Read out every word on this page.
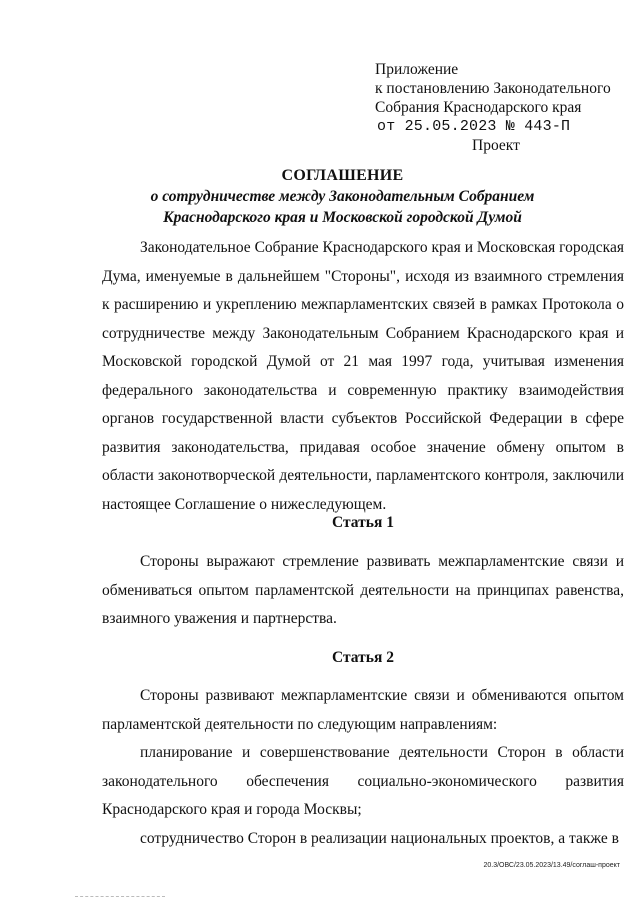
Приложение
к постановлению Законодательного
Собрания Краснодарского края
от 25.05.2023 № 443-П
Проект
СОГЛАШЕНИЕ
о сотрудничестве между Законодательным Собранием
Краснодарского края и Московской городской Думой

Законодательное Собрание Краснодарского края и Московская городская Дума, именуемые в дальнейшем "Стороны", исходя из взаимного стремления к расширению и укреплению межпарламентских связей в рамках Протокола о сотрудничестве между Законодательным Собранием Краснодарского края и Московской городской Думой от 21 мая 1997 года, учитывая изменения федерального законодательства и современную практику взаимодействия органов государственной власти субъектов Российской Федерации в сфере развития законодательства, придавая особое значение обмену опытом в области законотворческой деятельности, парламентского контроля, заключили настоящее Соглашение о нижеследующем.

Статья 1

Стороны выражают стремление развивать межпарламентские связи и обмениваться опытом парламентской деятельности на принципах равенства, взаимного уважения и партнерства.

Статья 2

Стороны развивают межпарламентские связи и обмениваются опытом парламентской деятельности по следующим направлениям:

планирование и совершенствование деятельности Сторон в области законодательного обеспечения социально-экономического развития Краснодарского края и города Москвы;

сотрудничество Сторон в реализации национальных проектов, а также в

20.3/ОВС/23.05.2023/13.49/соглаш-проект
